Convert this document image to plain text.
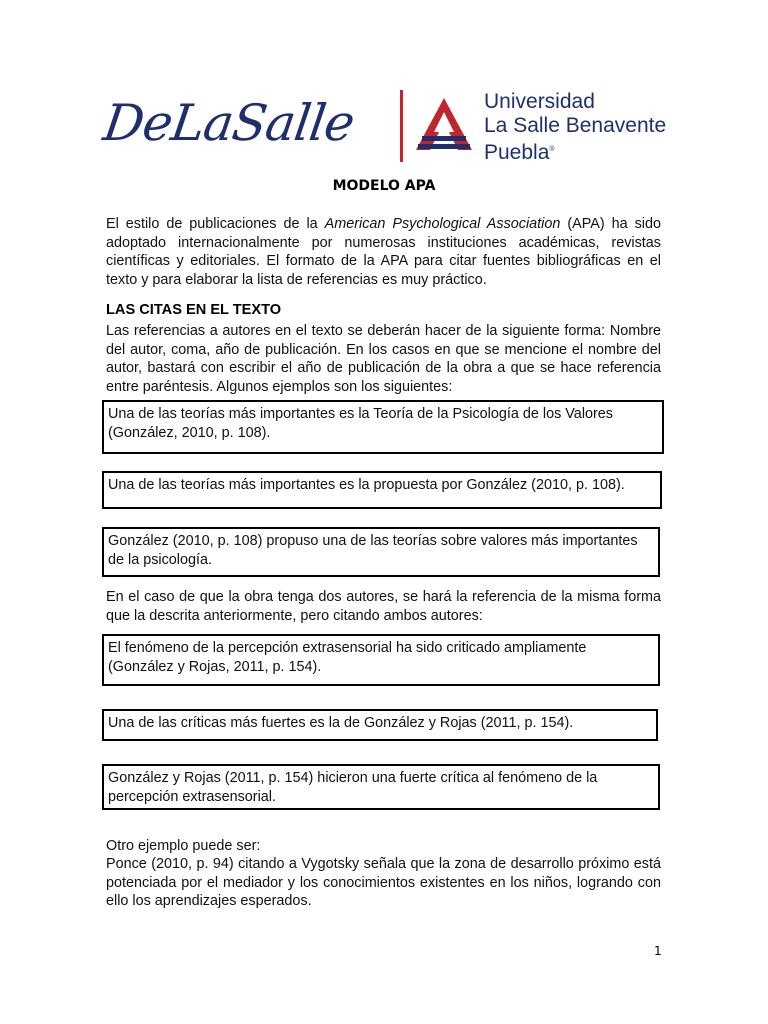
DeLaSalle	Universidad
La Salle Benavente
Puebla®
MODELO APA
El estilo de publicaciones de la American Psychological Association (APA) ha sido adoptado internacionalmente por numerosas instituciones académicas, revistas científicas y editoriales. El formato de la APA para citar fuentes bibliográficas en el texto y para elaborar la lista de referencias es muy práctico.
LAS CITAS EN EL TEXTO
Las referencias a autores en el texto se deberán hacer de la siguiente forma: Nombre del autor, coma, año de publicación. En los casos en que se mencione el nombre del autor, bastará con escribir el año de publicación de la obra a que se hace referencia entre paréntesis. Algunos ejemplos son los siguientes:
Una de las teorías más importantes es la Teoría de la Psicología de los Valores (González, 2010, p. 108).
Una de las teorías más importantes es la propuesta por González (2010, p. 108).
González (2010, p. 108) propuso una de las teorías sobre valores más importantes de la psicología.
En el caso de que la obra tenga dos autores, se hará la referencia de la misma forma que la descrita anteriormente, pero citando ambos autores:
El fenómeno de la percepción extrasensorial ha sido criticado ampliamente (González y Rojas, 2011, p. 154).
Una de las críticas más fuertes es la de González y Rojas (2011, p. 154).
González y Rojas (2011, p. 154) hicieron una fuerte crítica al fenómeno de la percepción extrasensorial.
Otro ejemplo puede ser:
Ponce (2010, p. 94) citando a Vygotsky señala que la zona de desarrollo próximo está potenciada por el mediador y los conocimientos existentes en los niños, logrando con ello los aprendizajes esperados.
1
